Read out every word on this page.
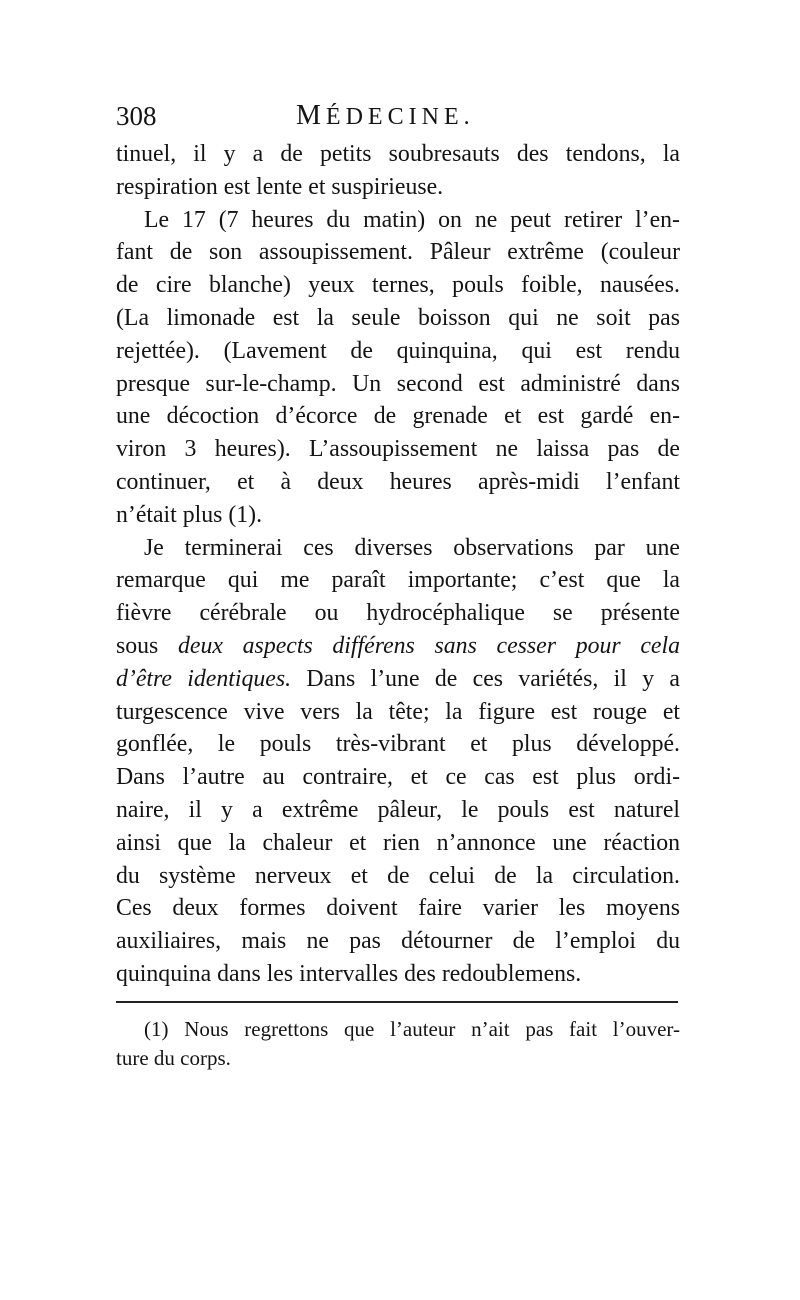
308	MÉDECINE.
tinuel, il y a de petits soubresauts des tendons, la
respiration est lente et suspirieuse.
Le 17 (7 heures du matin) on ne peut retirer l’en-
fant de son assoupissement. Pâleur extrême (couleur
de cire blanche) yeux ternes, pouls foible, nausées.
(La limonade est la seule boisson qui ne soit pas
rejettée). (Lavement de quinquina, qui est rendu
presque sur-le-champ. Un second est administré dans
une décoction d’écorce de grenade et est gardé en-
viron 3 heures). L’assoupissement ne laissa pas de
continuer, et à deux heures après-midi l’enfant
n’était plus (1).
Je terminerai ces diverses observations par une
remarque qui me paraît importante; c’est que la
fièvre cérébrale ou hydrocéphalique se présente
sous deux aspects différens sans cesser pour cela
d’être identiques. Dans l’une de ces variétés, il y a
turgescence vive vers la tête; la figure est rouge et
gonflée, le pouls très-vibrant et plus développé.
Dans l’autre au contraire, et ce cas est plus ordi-
naire, il y a extrême pâleur, le pouls est naturel
ainsi que la chaleur et rien n’annonce une réaction
du système nerveux et de celui de la circulation.
Ces deux formes doivent faire varier les moyens
auxiliaires, mais ne pas détourner de l’emploi du
quinquina dans les intervalles des redoublemens.
(1) Nous regrettons que l’auteur n’ait pas fait l’ouver-
ture du corps.
